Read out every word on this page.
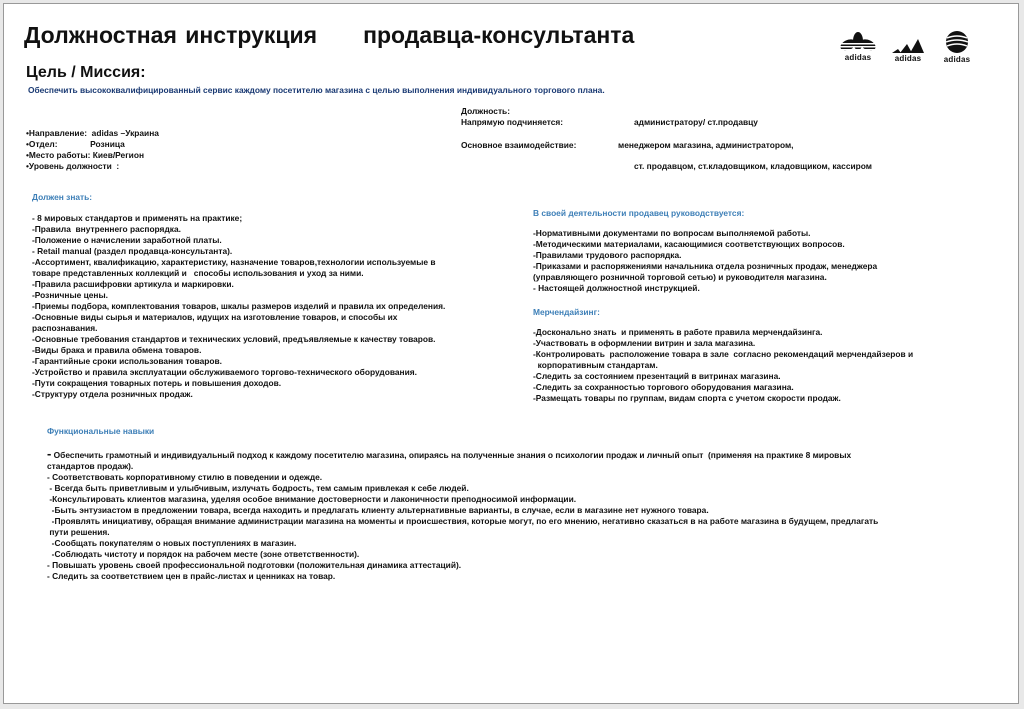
Должностная инструкция продавца-консультанта
adidas	adidas	adidas
Цель / Миссия:
Обеспечить высококвалифицированный сервис каждому посетителю магазина с целью выполнения индивидуального торгового плана.
•Направление:  adidas –Украина
•Отдел:              Розница
•Место работы: Киев/Регион
•Уровень должности  :
Должность:
Напрямую подчиняется:	администратору/ ст.продавцу
Основное взаимодействие:	менеджером магазина, администратором,
ст. продавцом, ст.кладовщиком, кладовщиком, кассиром
Должен знать:
- 8 мировых стандартов и применять на практике;
-Правила  внутреннего распорядка.
-Положение о начислении заработной платы.
- Retail manual (раздел продавца-консультанта).
-Ассортимент, квалификацию, характеристику, назначение товаров,технологии используемые в
товаре представленных коллекций и   способы использования и уход за ними.
-Правила расшифровки артикула и маркировки.
-Розничные цены.
-Приемы подбора, комплектования товаров, шкалы размеров изделий и правила их определения.
-Основные виды сырья и материалов, идущих на изготовление товаров, и способы их
распознавания.
-Основные требования стандартов и технических условий, предъявляемые к качеству товаров.
-Виды брака и правила обмена товаров.
-Гарантийные сроки использования товаров.
-Устройство и правила эксплуатации обслуживаемого торгово-технического оборудования.
-Пути сокращения товарных потерь и повышения доходов.
-Структуру отдела розничных продаж.
В своей деятельности продавец руководствуется:
-Нормативными документами по вопросам выполняемой работы.
-Методическими материалами, касающимися соответствующих вопросов.
-Правилами трудового распорядка.
-Приказами и распоряжениями начальника отдела розничных продаж, менеджера
(управляющего розничной торговой сетью) и руководителя магазина.
- Настоящей должностной инструкцией.
Мерчендайзинг:
-Досконально знать  и применять в работе правила мерчендайзинга.
-Участвовать в оформлении витрин и зала магазина.
-Контролировать  расположение товара в зале  согласно рекомендаций мерчендайзеров и
корпоративным стандартам.
-Следить за состоянием презентаций в витринах магазина.
-Следить за сохранностью торгового оборудования магазина.
-Размещать товары по группам, видам спорта с учетом скорости продаж.
Функциональные навыки
- Обеспечить грамотный и индивидуальный подход к каждому посетителю магазина, опираясь на полученные знания о психологии продаж и личный опыт  (применяя на практике 8 мировых
стандартов продаж).
- Соответствовать корпоративному стилю в поведении и одежде.
- Всегда быть приветливым и улыбчивым, излучать бодрость, тем самым привлекая к себе людей.
-Консультировать клиентов магазина, уделяя особое внимание достоверности и лаконичности преподносимой информации.
-Быть энтузиастом в предложении товара, всегда находить и предлагать клиенту альтернативные варианты, в случае, если в магазине нет нужного товара.
-Проявлять инициативу, обращая внимание администрации магазина на моменты и происшествия, которые могут, по его мнению, негативно сказаться в на работе магазина в будущем, предлагать
пути решения.
-Сообщать покупателям о новых поступлениях в магазин.
-Соблюдать чистоту и порядок на рабочем месте (зоне ответственности).
- Повышать уровень своей профессиональной подготовки (положительная динамика аттестаций).
- Следить за соответствием цен в прайс-листах и ценниках на товар.
